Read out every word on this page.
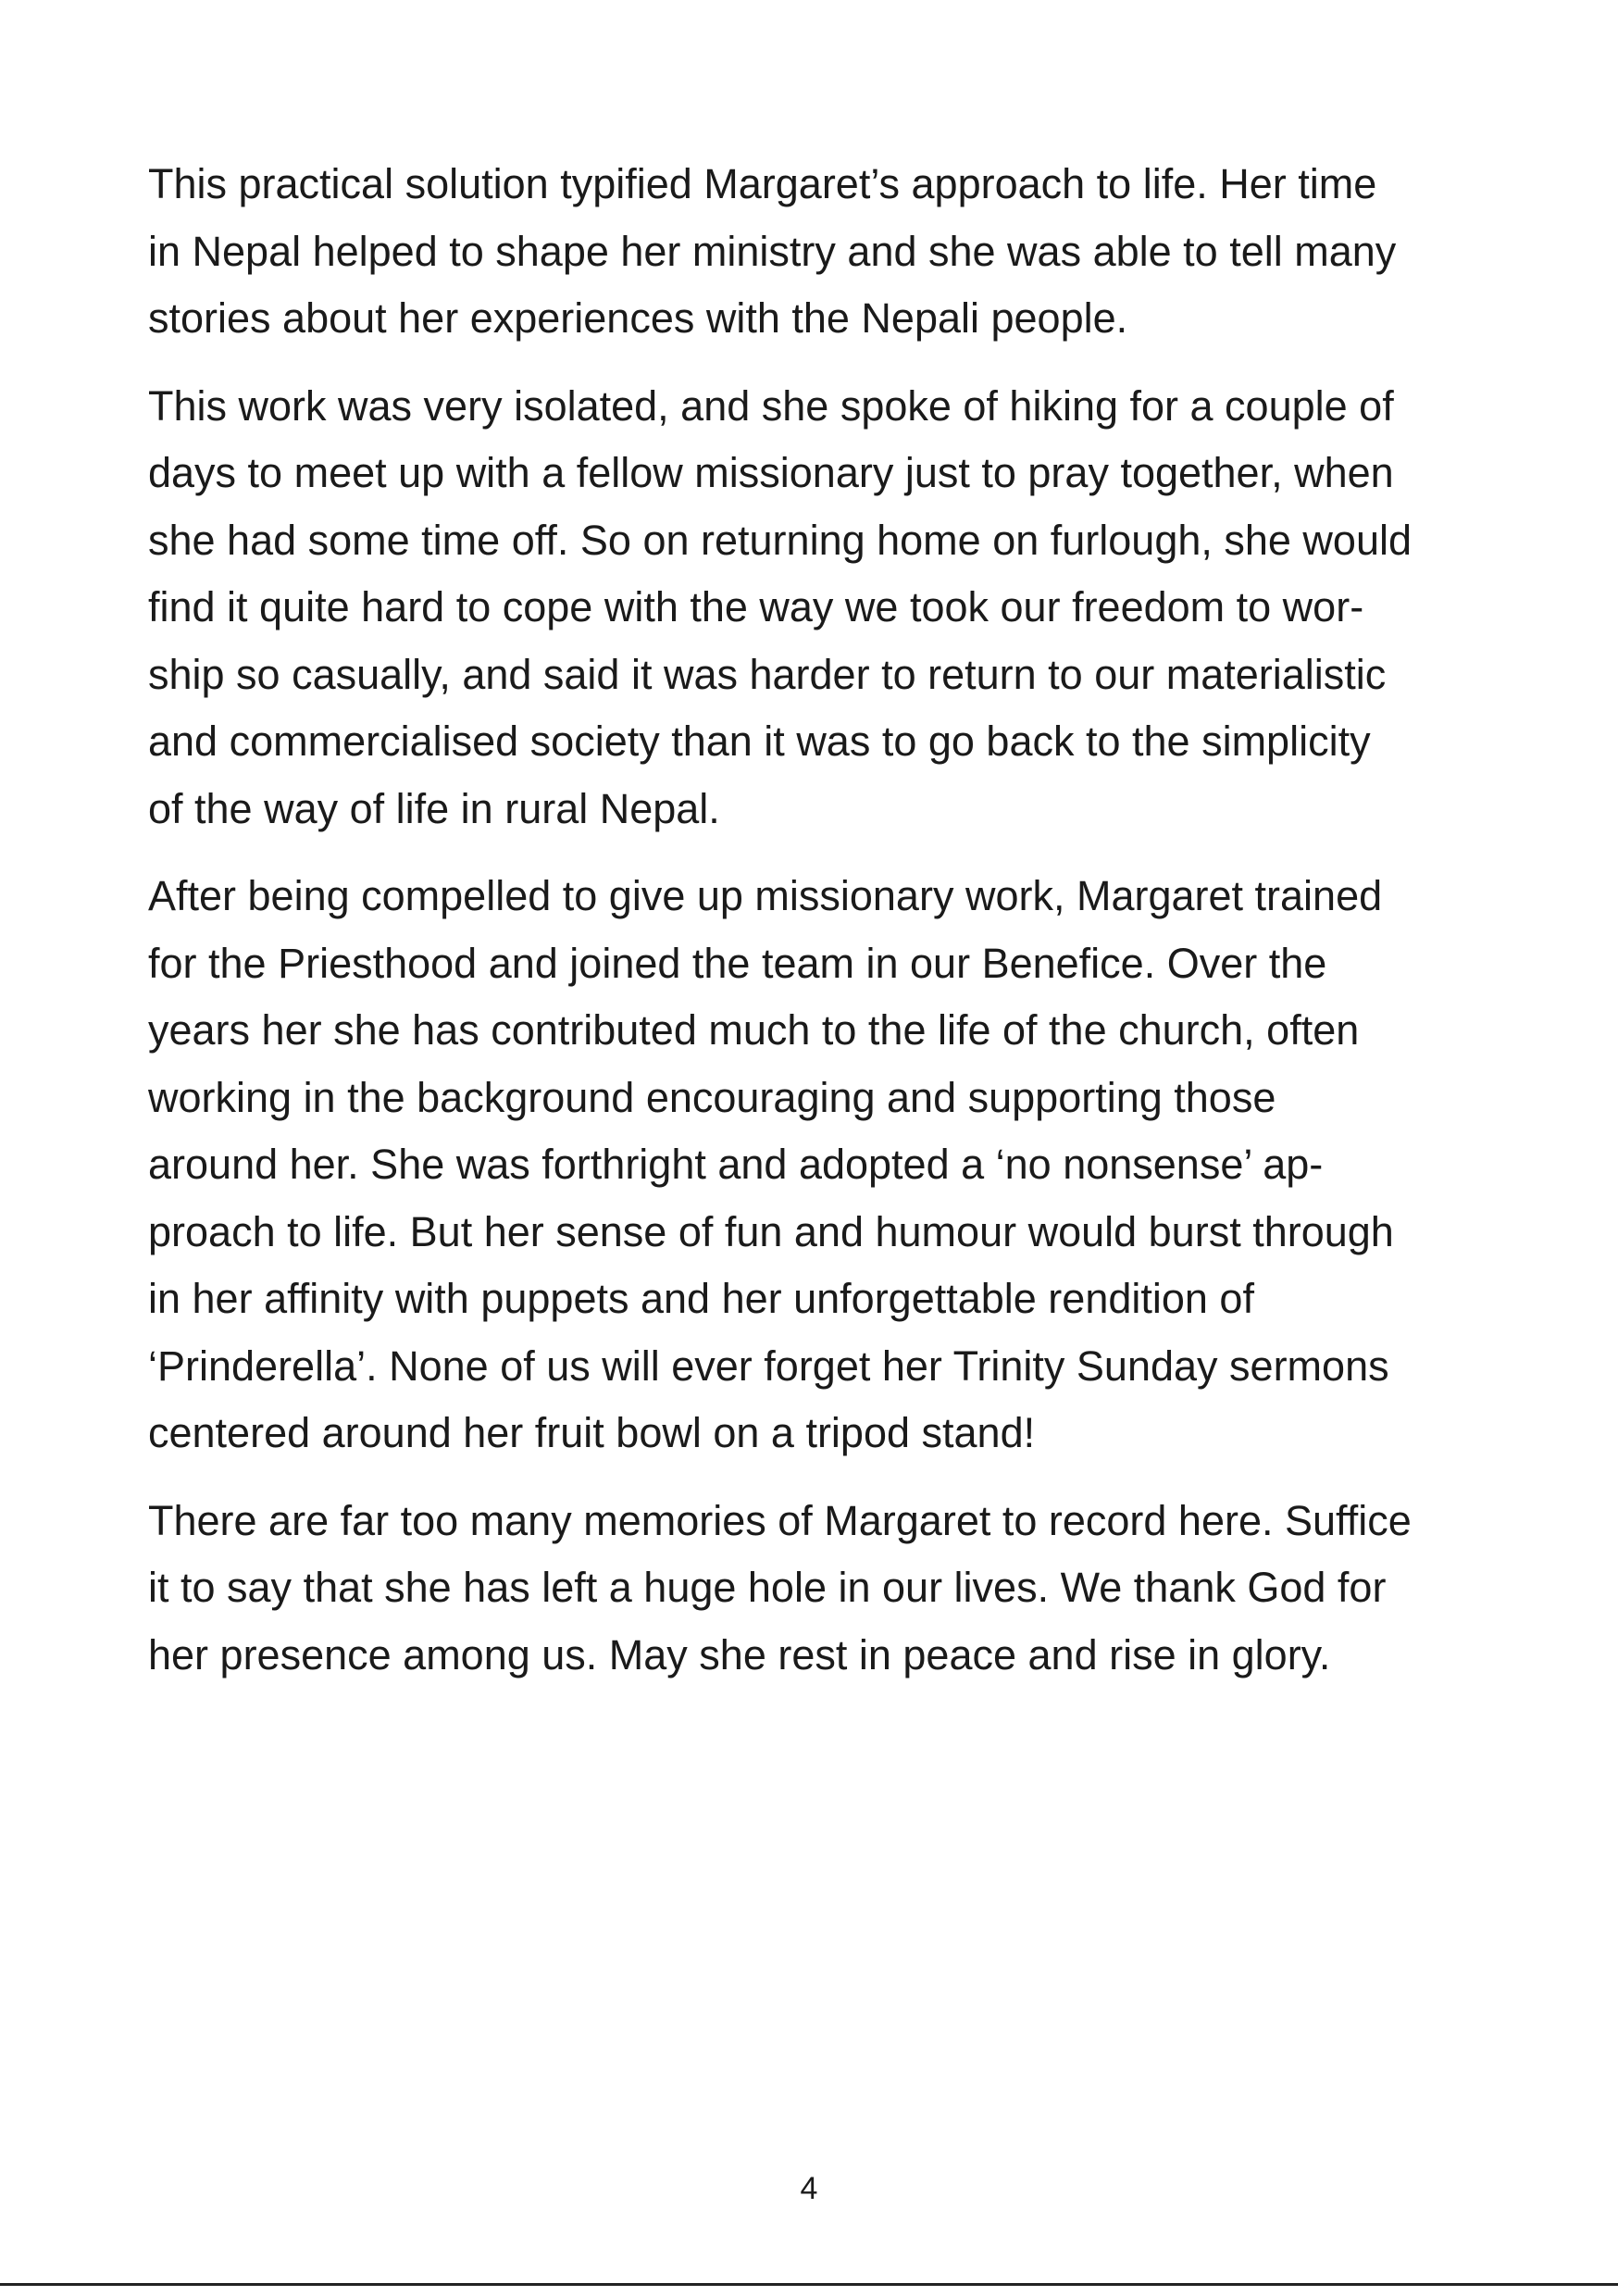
This practical solution typified Margaret’s approach to life. Her time
in Nepal helped to shape her ministry and she was able to tell many
stories about her experiences with the Nepali people.

This work was very isolated, and she spoke of hiking for a couple of
days to meet up with a fellow missionary just to pray together, when
she had some time off. So on returning home on furlough, she would
find it quite hard to cope with the way we took our freedom to wor-
ship so casually, and said it was harder to return to our materialistic
and commercialised society than it was to go back to the simplicity
of the way of life in rural Nepal.

After being compelled to give up missionary work, Margaret trained
for the Priesthood and joined the team in our Benefice. Over the
years her she has contributed much to the life of the church, often
working in the background encouraging and supporting those
around her. She was forthright and adopted a ‘no nonsense’ ap-
proach to life. But her sense of fun and humour would burst through
in her affinity with puppets and her unforgettable rendition of
‘Prinderella’. None of us will ever forget her Trinity Sunday sermons
centered around her fruit bowl on a tripod stand!

There are far too many memories of Margaret to record here. Suffice
it to say that she has left a huge hole in our lives. We thank God for
her presence among us. May she rest in peace and rise in glory.

4
